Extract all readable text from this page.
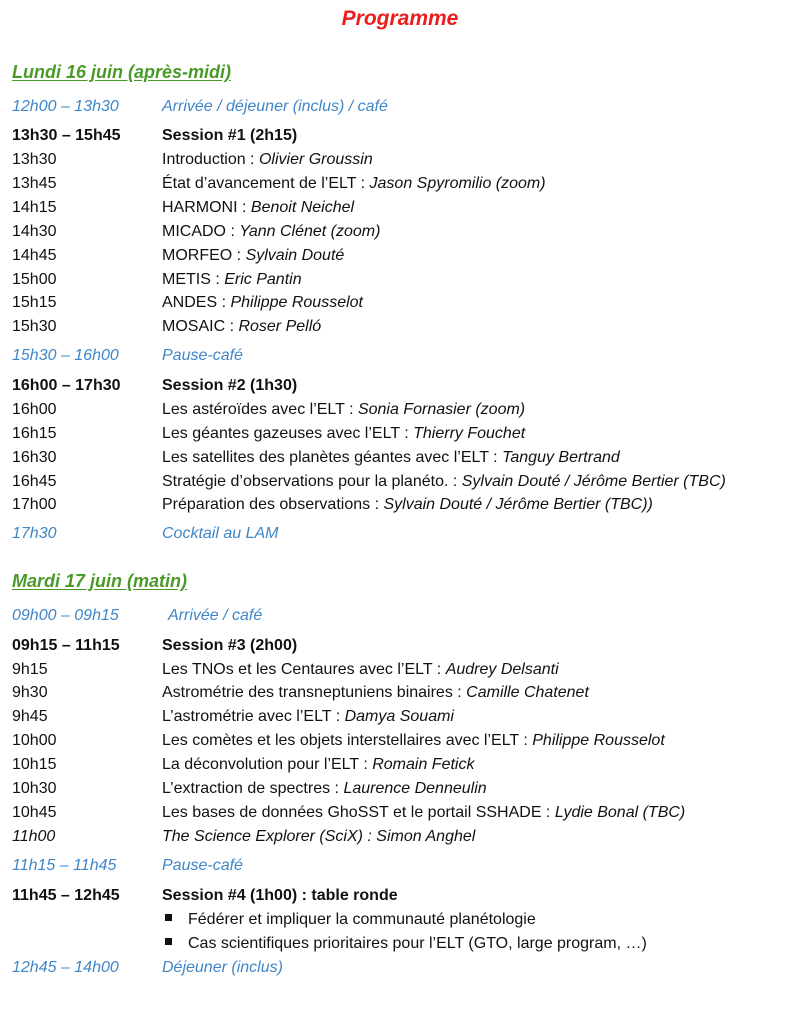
Programme
Lundi 16 juin (après-midi)
12h00 – 13h30	Arrivée / déjeuner (inclus) / café
13h30 – 15h45	Session #1 (2h15)
13h30	Introduction : Olivier Groussin
13h45	État d’avancement de l’ELT : Jason Spyromilio (zoom)
14h15	HARMONI : Benoit Neichel
14h30	MICADO : Yann Clénet (zoom)
14h45	MORFEO : Sylvain Douté
15h00	METIS : Eric Pantin
15h15	ANDES : Philippe Rousselot
15h30	MOSAIC : Roser Pelló
15h30 – 16h00	Pause-café
16h00 – 17h30	Session #2 (1h30)
16h00	Les astéroïdes avec l’ELT : Sonia Fornasier (zoom)
16h15	Les géantes gazeuses avec l’ELT : Thierry Fouchet
16h30	Les satellites des planètes géantes avec l’ELT : Tanguy Bertrand
16h45	Stratégie d’observations pour la planéto. : Sylvain Douté / Jérôme Bertier (TBC)
17h00	Préparation des observations : Sylvain Douté / Jérôme Bertier (TBC))
17h30	Cocktail au LAM
Mardi 17 juin (matin)
09h00 – 09h15	Arrivée / café
09h15 – 11h15	Session #3 (2h00)
9h15	Les TNOs et les Centaures avec l’ELT : Audrey Delsanti
9h30	Astrométrie des transneptuniens binaires : Camille Chatenet
9h45	L’astrométrie avec l’ELT : Damya Souami
10h00	Les comètes et les objets interstellaires avec l’ELT : Philippe Rousselot
10h15	La déconvolution pour l’ELT : Romain Fetick
10h30	L’extraction de spectres : Laurence Denneulin
10h45	Les bases de données GhoSST et le portail SSHADE : Lydie Bonal (TBC)
11h00	The Science Explorer (SciX) : Simon Anghel
11h15 – 11h45	Pause-café
11h45 – 12h45	Session #4 (1h00) : table ronde
Fédérer et impliquer la communauté planétologie
Cas scientifiques prioritaires pour l’ELT (GTO, large program, …)
12h45 – 14h00	Déjeuner (inclus)
